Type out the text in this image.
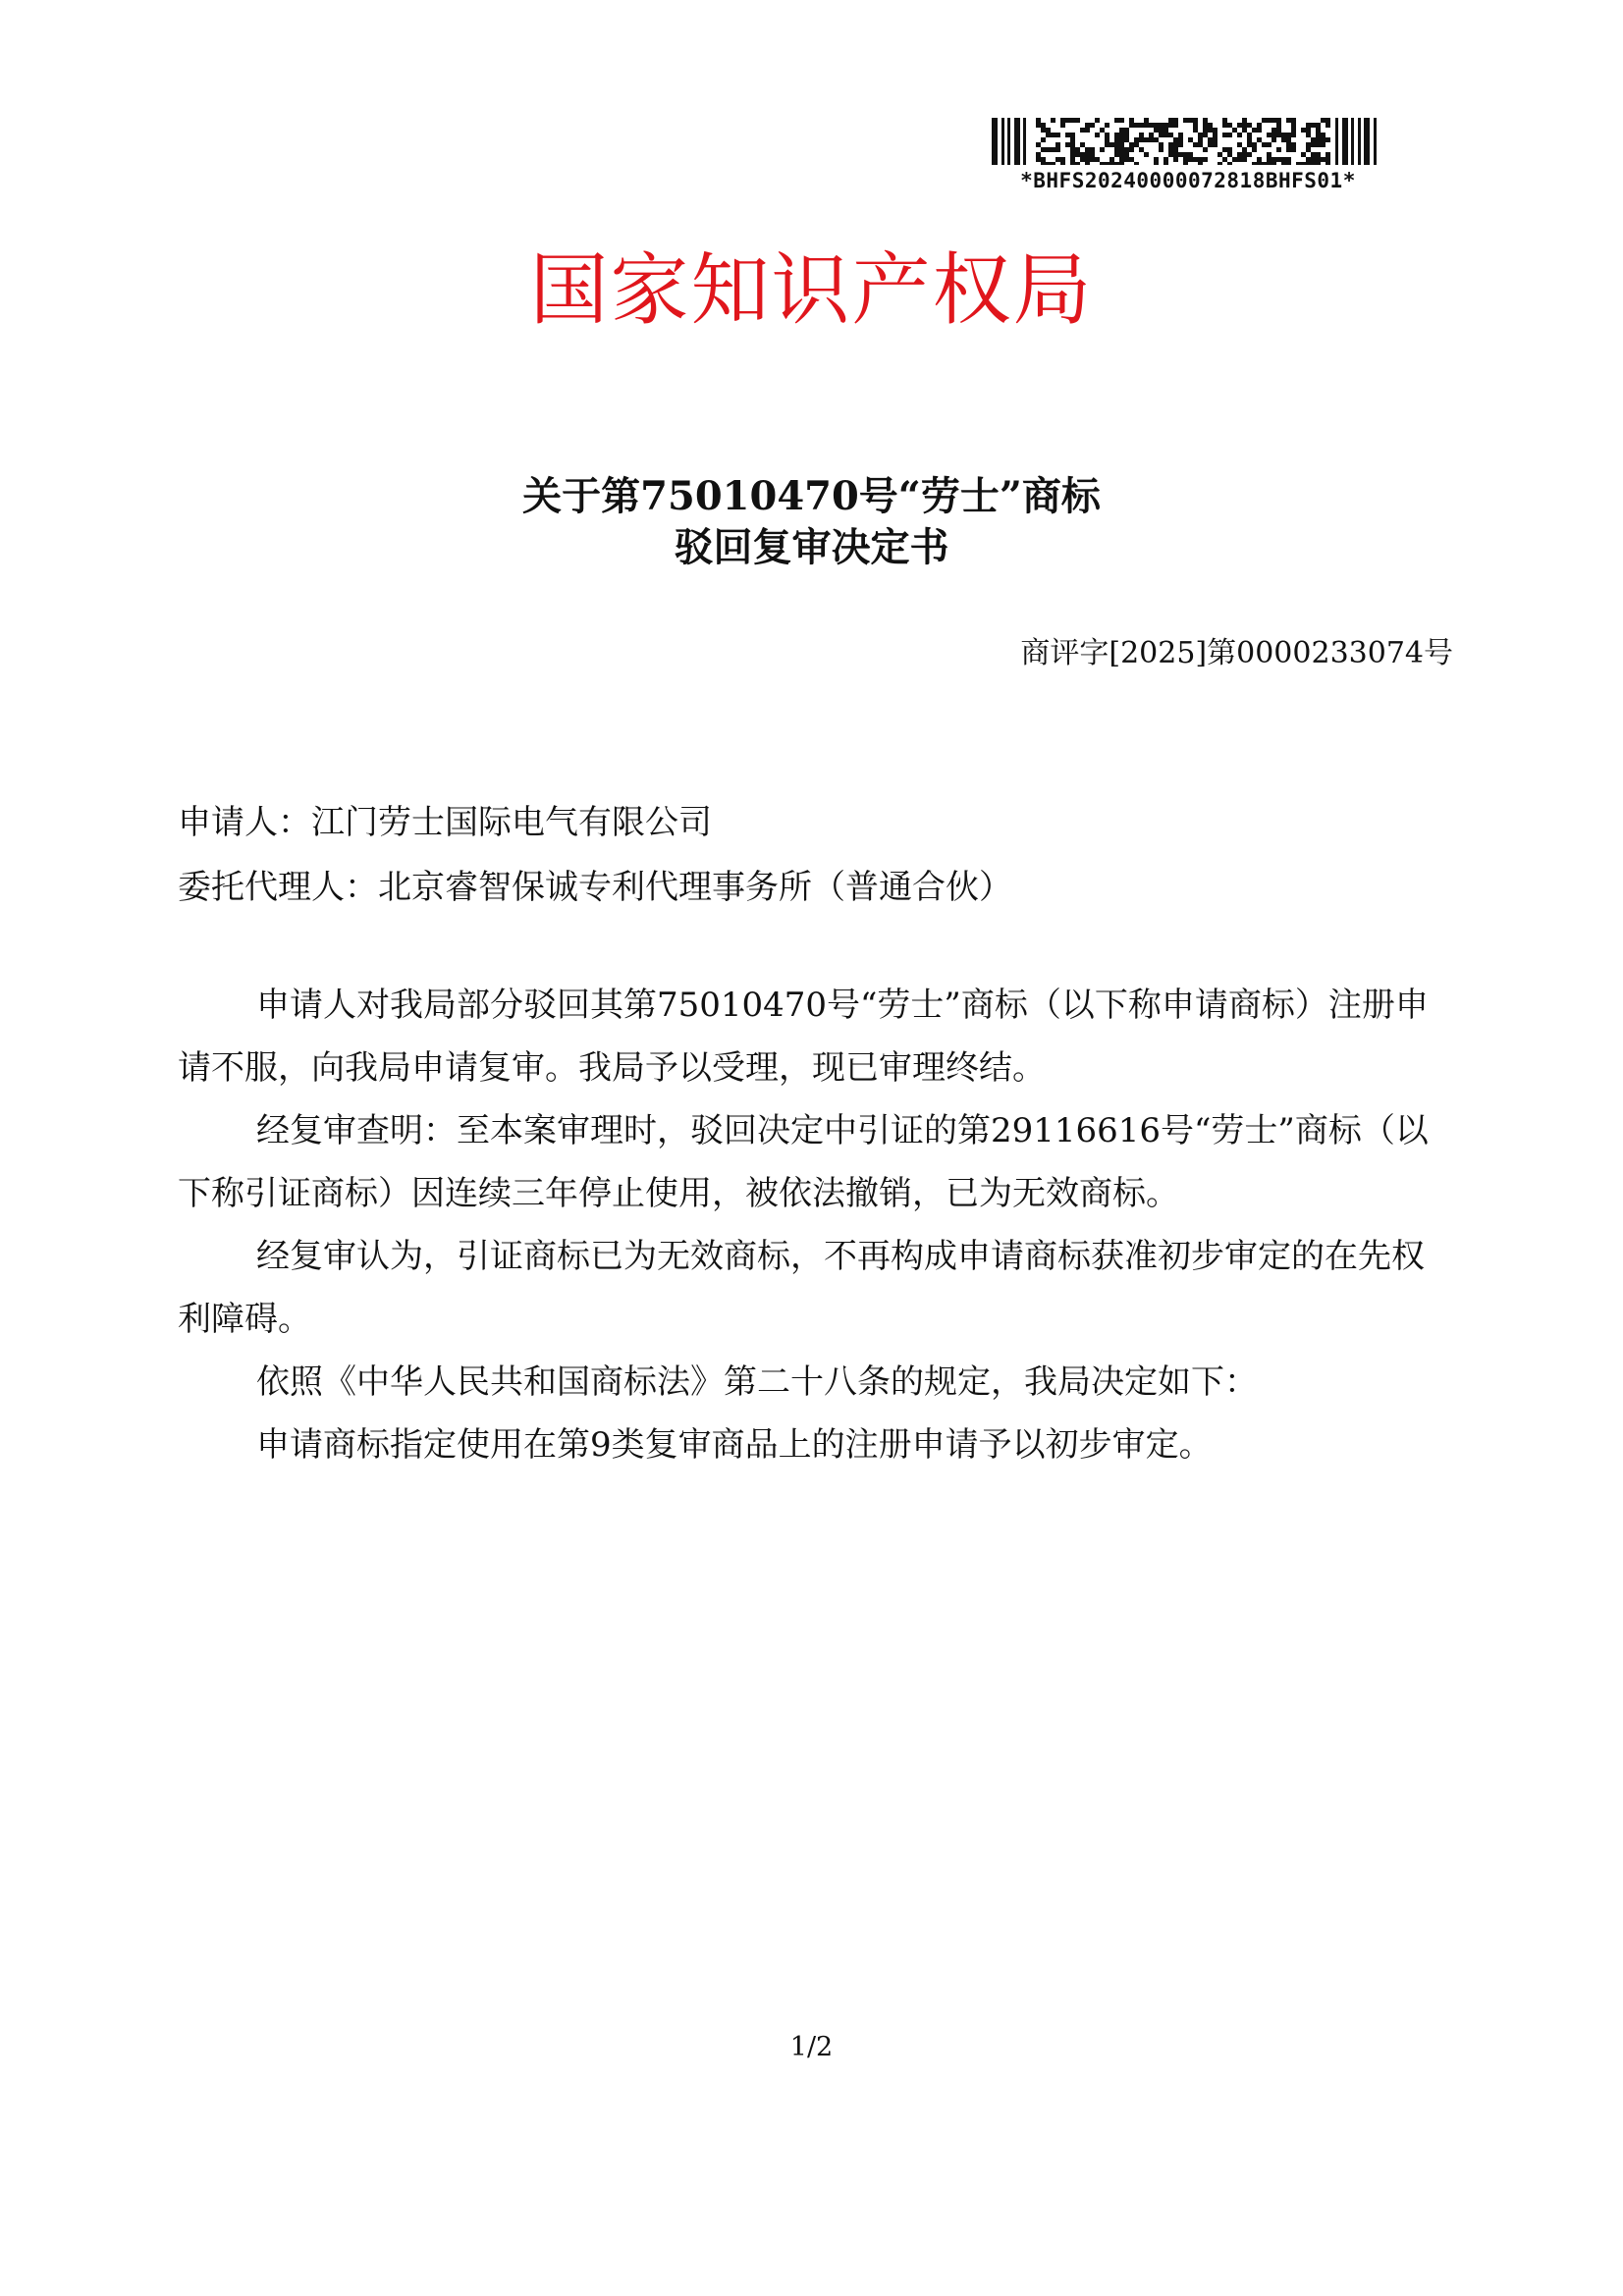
*BHFS20240000072818BHFS01*
国家知识产权局
关于第75010470号“劳士”商标
驳回复审决定书
商评字[2025]第0000233074号
申请人：江门劳士国际电气有限公司
委托代理人：北京睿智保诚专利代理事务所（普通合伙）

申请人对我局部分驳回其第75010470号“劳士”商标（以下称申请商标）注册申请不服，向我局申请复审。我局予以受理，现已审理终结。

经复审查明：至本案审理时，驳回决定中引证的第29116616号“劳士”商标（以下称引证商标）因连续三年停止使用，被依法撤销，已为无效商标。

经复审认为，引证商标已为无效商标，不再构成申请商标获准初步审定的在先权利障碍。

依照《中华人民共和国商标法》第二十八条的规定，我局决定如下：

申请商标指定使用在第9类复审商品上的注册申请予以初步审定。

1/2
